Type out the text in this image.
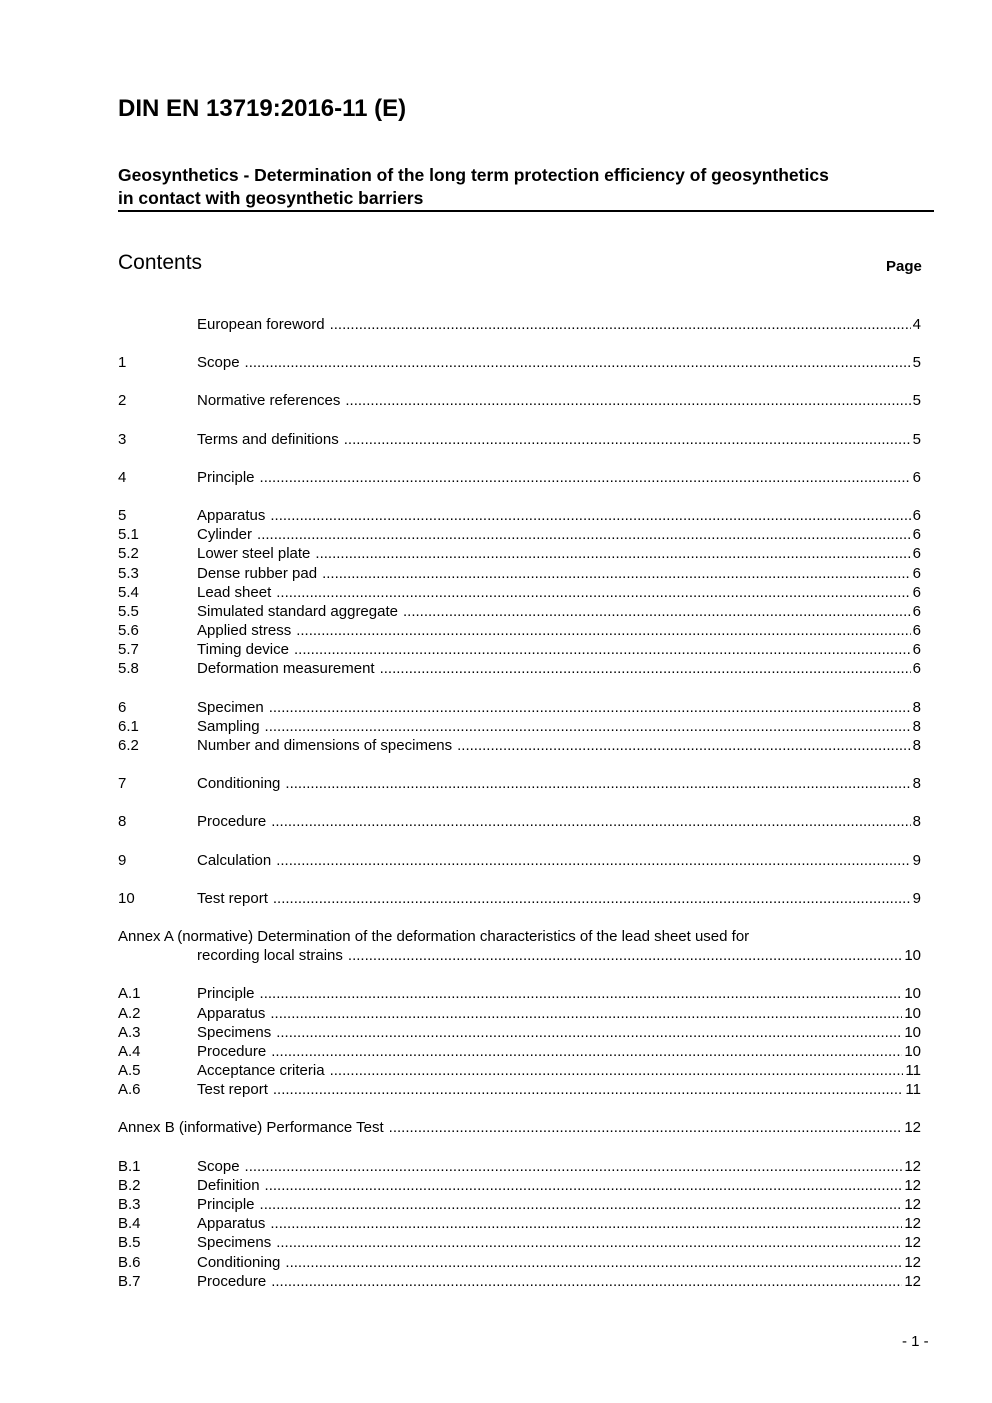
DIN EN 13719:2016-11 (E)
Geosynthetics - Determination of the long term protection efficiency of geosynthetics
in contact with geosynthetic barriers
Contents	Page
European foreword .....	4
1	Scope .....	5
2	Normative references .....	5
3	Terms and definitions .....	5
4	Principle .....	6
5	Apparatus .....	6
5.1	Cylinder .....	6
5.2	Lower steel plate .....	6
5.3	Dense rubber pad .....	6
5.4	Lead sheet .....	6
5.5	Simulated standard aggregate .....	6
5.6	Applied stress .....	6
5.7	Timing device .....	6
5.8	Deformation measurement .....	6
6	Specimen .....	8
6.1	Sampling .....	8
6.2	Number and dimensions of specimens .....	8
7	Conditioning .....	8
8	Procedure .....	8
9	Calculation .....	9
10	Test report .....	9
Annex A (normative) Determination of the deformation characteristics of the lead sheet used for
recording local strains .....	10
A.1	Principle .....	10
A.2	Apparatus .....	10
A.3	Specimens .....	10
A.4	Procedure .....	10
A.5	Acceptance criteria .....	11
A.6	Test report .....	11
Annex B (informative) Performance Test .....	12
B.1	Scope .....	12
B.2	Definition .....	12
B.3	Principle .....	12
B.4	Apparatus .....	12
B.5	Specimens .....	12
B.6	Conditioning .....	12
B.7	Procedure .....	12
- 1 -
